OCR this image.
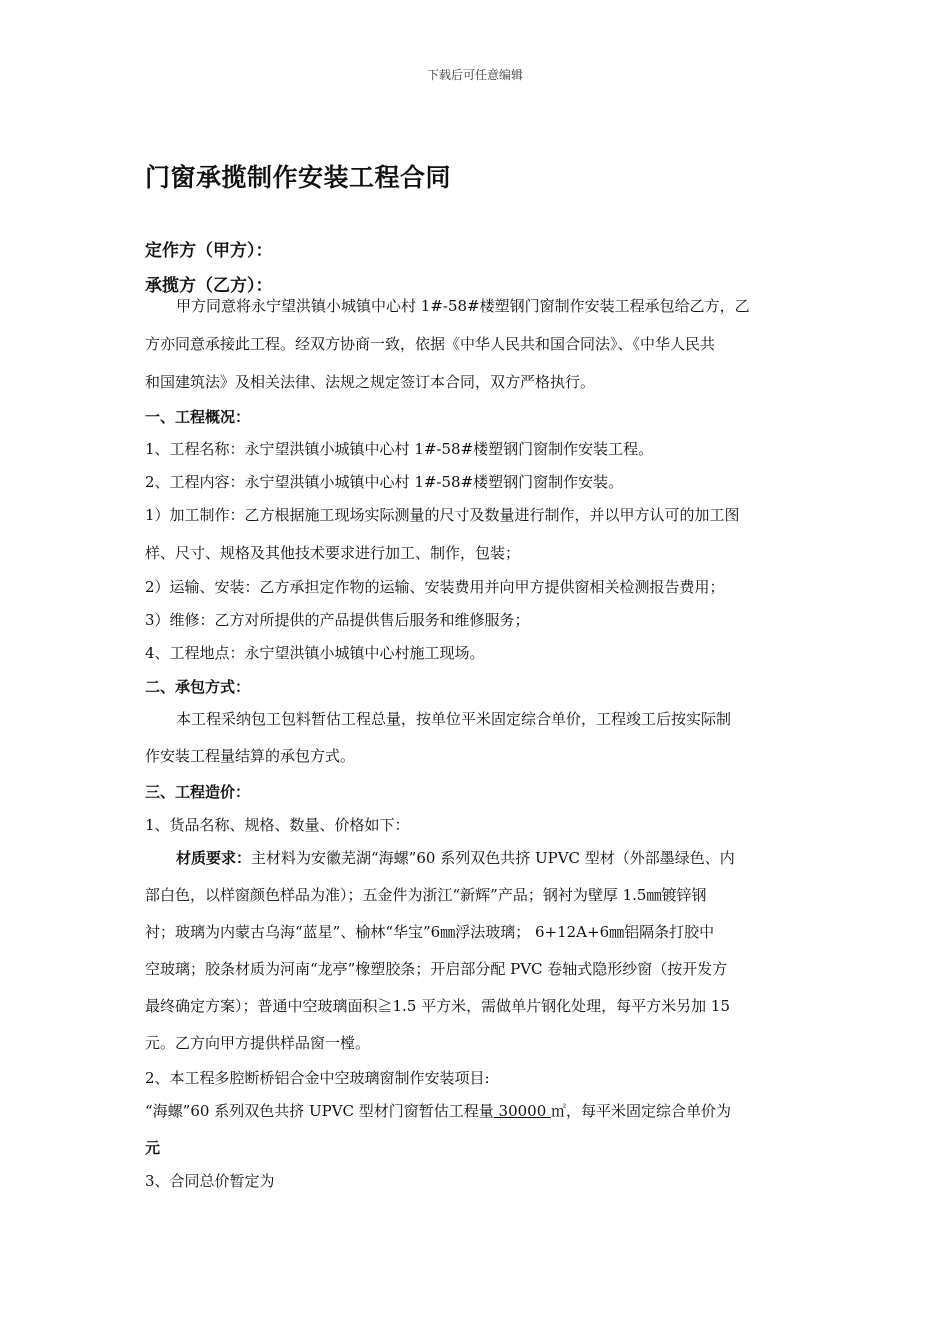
下载后可任意编辑
门窗承揽制作安装工程合同
定作方（甲方）：
承揽方（乙方）：
甲方同意将永宁望洪镇小城镇中心村 1#-58#楼塑钢门窗制作安装工程承包给乙方，乙
方亦同意承接此工程。经双方协商一致，依据《中华人民共和国合同法》、《中华人民共
和国建筑法》及相关法律、法规之规定签订本合同，双方严格执行。
一、工程概况：
1、工程名称：永宁望洪镇小城镇中心村 1#-58#楼塑钢门窗制作安装工程。
2、工程内容：永宁望洪镇小城镇中心村 1#-58#楼塑钢门窗制作安装。
1）加工制作：乙方根据施工现场实际测量的尺寸及数量进行制作，并以甲方认可的加工图
样、尺寸、规格及其他技术要求进行加工、制作，包装；
2）运输、安装：乙方承担定作物的运输、安装费用并向甲方提供窗相关检测报告费用；
3）维修：乙方对所提供的产品提供售后服务和维修服务；
4、工程地点：永宁望洪镇小城镇中心村施工现场。
二、承包方式：
本工程采纳包工包料暂估工程总量，按单位平米固定综合单价，工程竣工后按实际制
作安装工程量结算的承包方式。
三、工程造价：
1、货品名称、规格、数量、价格如下：
材质要求：主材料为安徽芜湖“海螺”60 系列双色共挤 UPVC 型材（外部墨绿色、内
部白色，以样窗颜色样品为准）；五金件为浙江“新辉”产品；钢衬为壁厚 1.5㎜镀锌钢
衬；玻璃为内蒙古乌海“蓝星”、榆林“华宝”6㎜浮法玻璃； 6+12A+6㎜铝隔条打胶中
空玻璃；胶条材质为河南“龙亭”橡塑胶条；开启部分配 PVC 卷轴式隐形纱窗（按开发方
最终确定方案）；普通中空玻璃面积≧1.5 平方米，需做单片钢化处理，每平方米另加 15
元。乙方向甲方提供样品窗一樘。
2、本工程多腔断桥铝合金中空玻璃窗制作安装项目:
“海螺”60 系列双色共挤 UPVC 型材门窗暂估工程量 30000 ㎡，每平米固定综合单价为
元
3、合同总价暂定为
